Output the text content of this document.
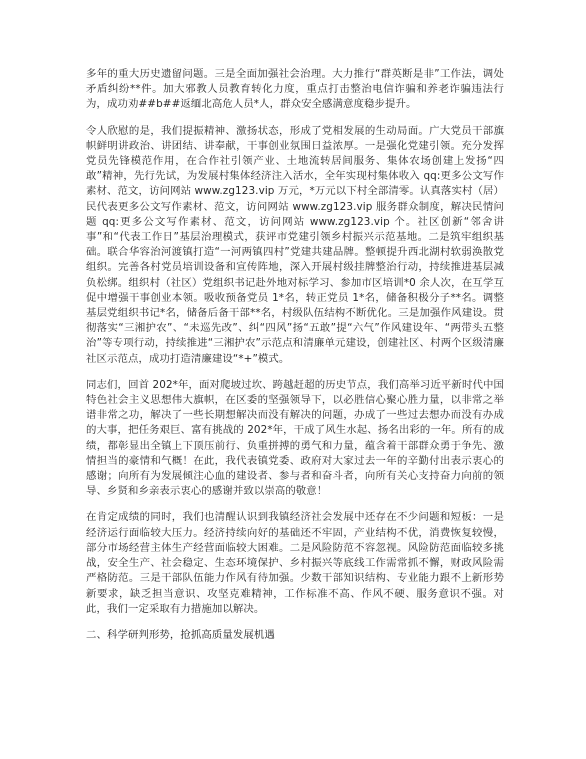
多年的重大历史遗留问题。三是全面加强社会治理。大力推行“群英断是非”工作法，调处矛盾纠纷**件。加大邪教人员教育转化力度，重点打击整治电信诈骗和养老诈骗违法行为，成功劝##b##返缅北高危人员*人，群众安全感满意度稳步提升。

令人欣慰的是，我们提振精神、激扬状态，形成了党相发展的生动局面。广大党员干部旗帜鲜明讲政治、讲团结、讲奉献，干事创业氛围日益浓厚。一是强化党建引领。充分发挥党员先锋模范作用，在合作社引领产业、土地流转居间服务、集体农场创建上发扬“四敢”精神，先行先试，为发展村集体经济注入活水，全年实现村集体收入 qq:更多公文写作素材、范文，访问网站 www.zg123.vip 万元，*万元以下村全部清零。认真落实村（居）民代表更多公文写作素材、范文，访问网站 www.zg123.vip 服务群众制度，解决民情问题 qq:更多公文写作素材、范文，访问网站 www.zg123.vip 个。社区创新“邻舍讲事”和“代表工作日”基层治理模式，获评市党建引领乡村振兴示范基地。二是筑牢组织基础。联合华容治河渡镇打造“一河两镇四村”党建共建品牌。整顿提升西北湖村软弱涣散党组织。完善各村党员培训设备和宣传阵地，深入开展村级挂牌整治行动，持续推进基层减负松绑。组织村（社区）党组织书记赴外地对标学习、参加市区培训*0 余人次，在互学互促中增强干事创业本领。吸收预备党员 1*名，转正党员 1*名，储备积极分子**名。调整基层党组织书记*名，储备后备干部**名，村级队伍结构不断优化。三是加强作风建设。贯彻落实“三湘护农”、“未巡先改”、纠“四风”扬“五敢”提“六气”作风建设年、“两带头五整治”等专项行动，持续推进“三湘护农”示范点和清廉单元建设，创建社区、村两个区级清廉社区示范点，成功打造清廉建设“*+”模式。

同志们，回首 202*年，面对爬坡过坎、跨越赶超的历史节点，我们高举习近平新时代中国特色社会主义思想伟大旗帜，在区委的坚强领导下，以必胜信心聚心胜力量，以非常之举谱非常之功，解决了一些长期想解决而没有解决的问题，办成了一些过去想办而没有办成的大事，把任务艰巨、富有挑战的 202*年，干成了风生水起、扬名出彩的一年。所有的成绩，都彰显出全镇上下顶压前行、负重拼搏的勇气和力量，蕴含着干部群众勇于争先、激情担当的豪情和气概！在此，我代表镇党委、政府对大家过去一年的辛勤付出表示衷心的感谢；向所有为发展倾注心血的建设者、参与者和奋斗者，向所有关心支持奋力向前的领导、乡贤和乡亲表示衷心的感谢并致以崇高的敬意！

在肯定成绩的同时，我们也清醒认识到我镇经济社会发展中还存在不少问题和短板：一是经济运行面临较大压力。经济持续向好的基础还不牢固，产业结构不优，消费恢复较慢，部分市场经营主体生产经营面临较大困难。二是风险防范不容忽视。风险防范面临较多挑战，安全生产、社会稳定、生态环境保护、乡村振兴等底线工作需常抓不懈，财政风险需严格防范。三是干部队伍能力作风有待加强。少数干部知识结构、专业能力跟不上新形势新要求，缺乏担当意识、攻坚克难精神，工作标准不高、作风不硬、服务意识不强。对此，我们一定采取有力措施加以解决。

二、科学研判形势，抢抓高质量发展机遇
